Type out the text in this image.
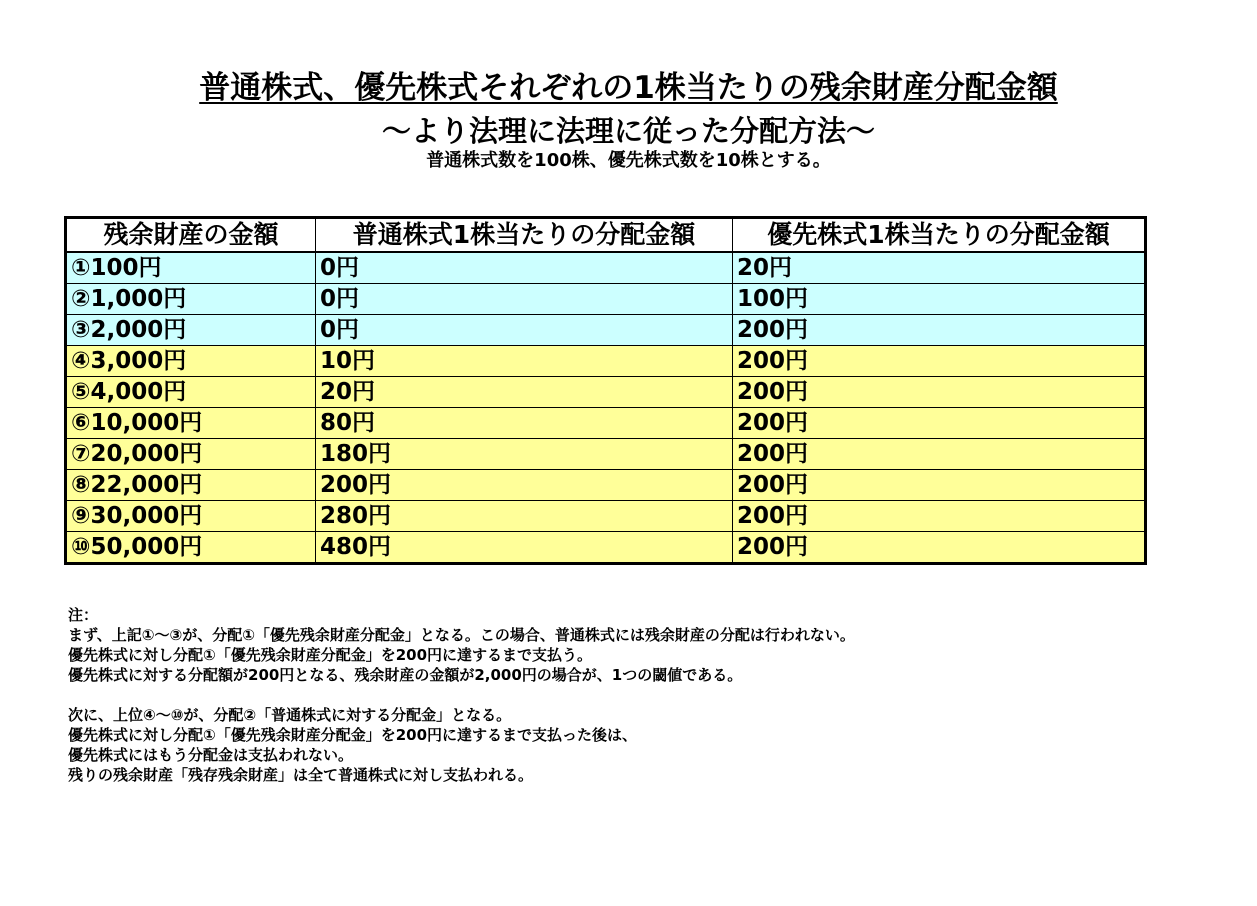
普通株式、優先株式それぞれの1株当たりの残余財産分配金額
～より法理に法理に従った分配方法～
普通株式数を100株、優先株式数を10株とする。
残余財産の金額	普通株式1株当たりの分配金額	優先株式1株当たりの分配金額
①100円	0円	20円
②1,000円	0円	100円
③2,000円	0円	200円
④3,000円	10円	200円
⑤4,000円	20円	200円
⑥10,000円	80円	200円
⑦20,000円	180円	200円
⑧22,000円	200円	200円
⑨30,000円	280円	200円
⑩50,000円	480円	200円
注：
まず、上記①～③が、分配①「優先残余財産分配金」となる。この場合、普通株式には残余財産の分配は行われない。
優先株式に対し分配①「優先残余財産分配金」を200円に達するまで支払う。
優先株式に対する分配額が200円となる、残余財産の金額が2,000円の場合が、1つの閾値である。
次に、上位④～⑩が、分配②「普通株式に対する分配金」となる。
優先株式に対し分配①「優先残余財産分配金」を200円に達するまで支払った後は、
優先株式にはもう分配金は支払われない。
残りの残余財産「残存残余財産」は全て普通株式に対し支払われる。
